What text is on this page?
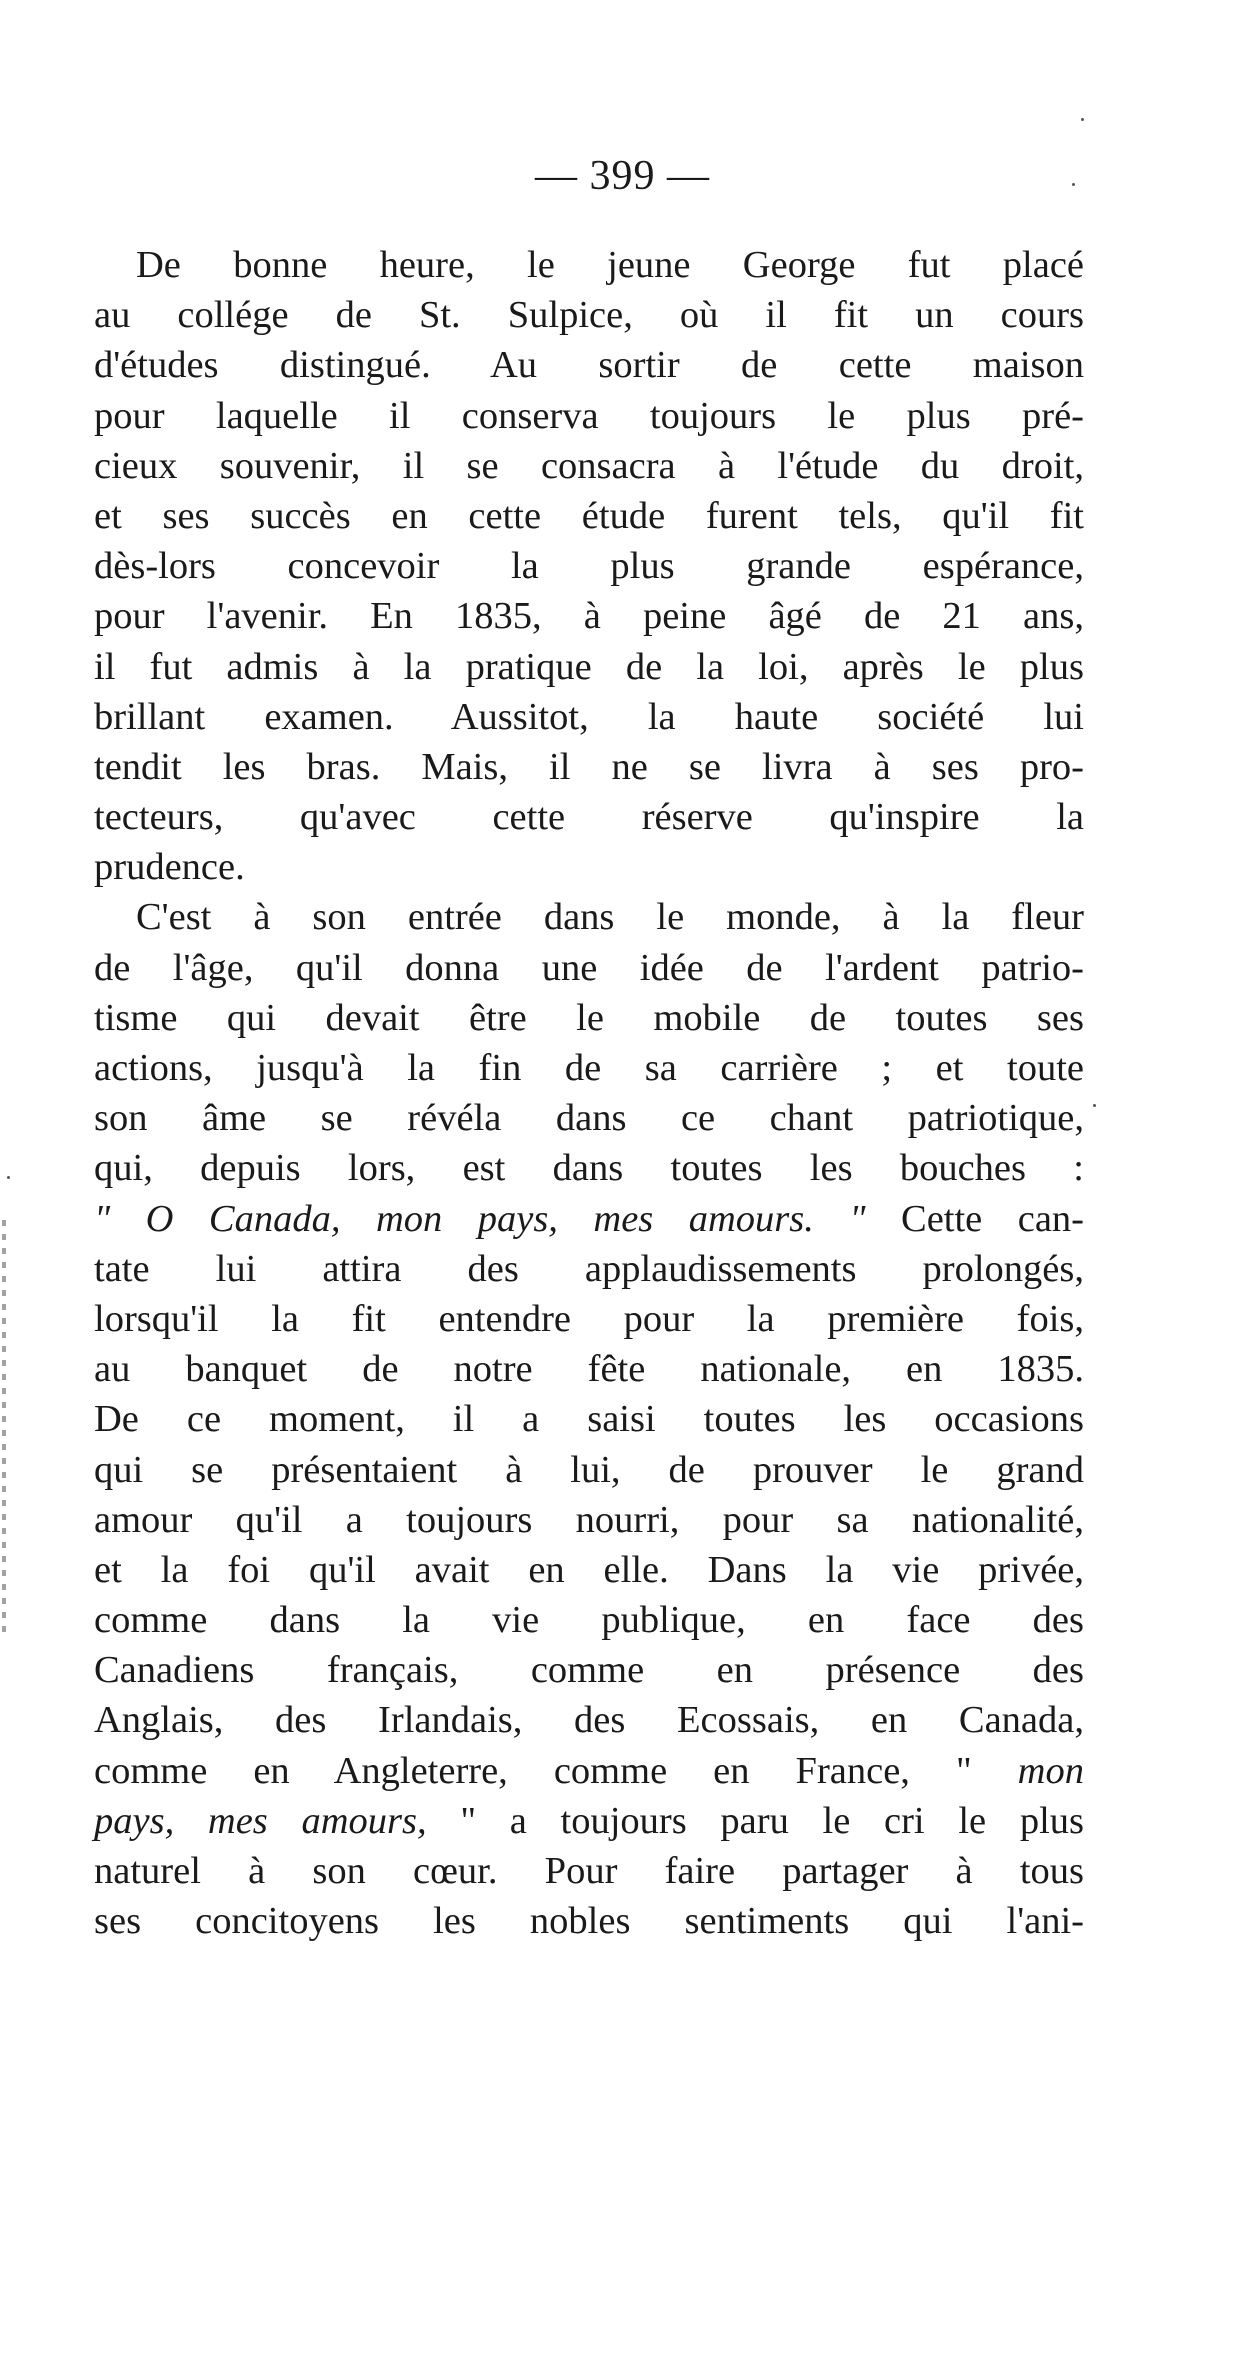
— 399 —
De bonne heure, le jeune George fut placé
au collége de St. Sulpice, où il fit un cours
d'études distingué. Au sortir de cette maison
pour laquelle il conserva toujours le plus pré-
cieux souvenir, il se consacra à l'étude du droit,
et ses succès en cette étude furent tels, qu'il fit
dès-lors concevoir la plus grande espérance,
pour l'avenir. En 1835, à peine âgé de 21 ans,
il fut admis à la pratique de la loi, après le plus
brillant examen. Aussitot, la haute société lui
tendit les bras. Mais, il ne se livra à ses pro-
tecteurs, qu'avec cette réserve qu'inspire la
prudence.
C'est à son entrée dans le monde, à la fleur
de l'âge, qu'il donna une idée de l'ardent patrio-
tisme qui devait être le mobile de toutes ses
actions, jusqu'à la fin de sa carrière ; et toute
son âme se révéla dans ce chant patriotique,
qui, depuis lors, est dans toutes les bouches :
" O Canada, mon pays, mes amours. " Cette can-
tate lui attira des applaudissements prolongés,
lorsqu'il la fit entendre pour la première fois,
au banquet de notre fête nationale, en 1835.
De ce moment, il a saisi toutes les occasions
qui se présentaient à lui, de prouver le grand
amour qu'il a toujours nourri, pour sa nationalité,
et la foi qu'il avait en elle. Dans la vie privée,
comme dans la vie publique, en face des
Canadiens français, comme en présence des
Anglais, des Irlandais, des Ecossais, en Canada,
comme en Angleterre, comme en France, " mon
pays, mes amours, " a toujours paru le cri le plus
naturel à son cœur. Pour faire partager à tous
ses concitoyens les nobles sentiments qui l'ani-
